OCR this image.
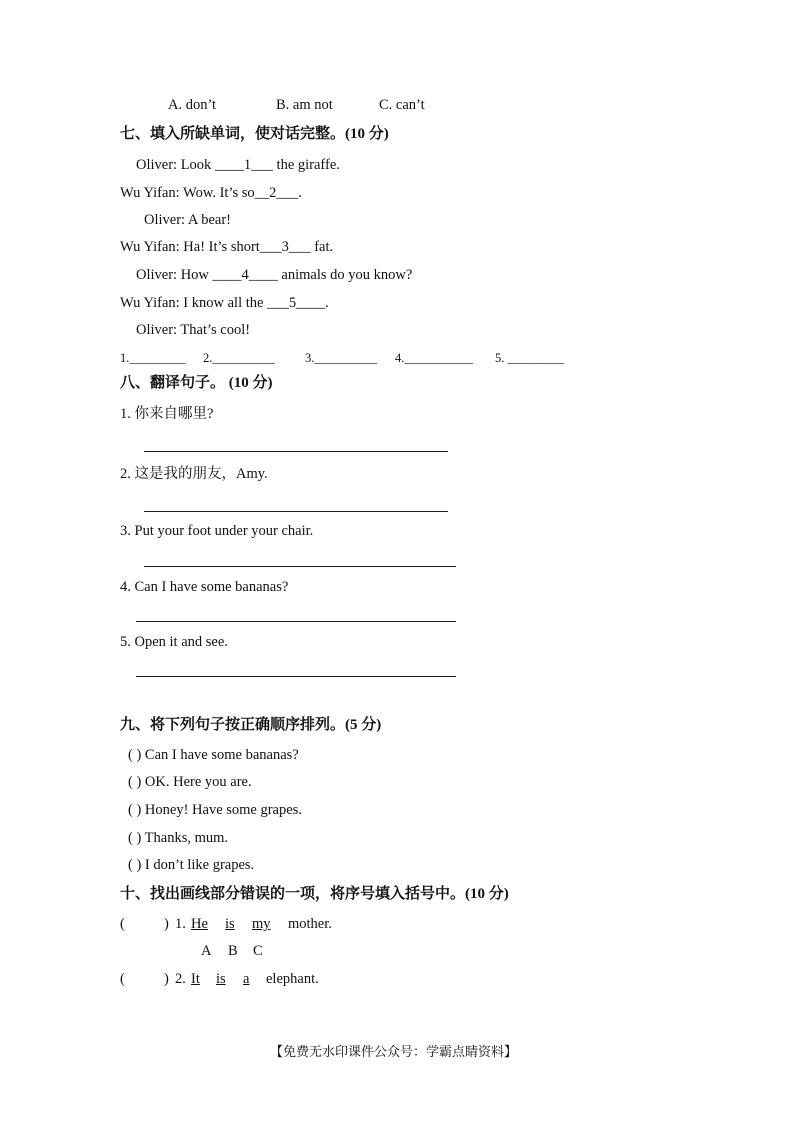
A. don’t	B. am not	C. can’t
七、填入所缺单词，使对话完整。(10 分)
Oliver: Look ____1___ the giraffe.
Wu Yifan: Wow. It’s so__2___.
Oliver: A bear!
Wu Yifan: Ha! It’s short___3___ fat.
Oliver: How ____4____ animals do you know?
Wu Yifan: I know all the ___5____.
Oliver: That’s cool!
1._________ 2.__________ 3.__________ 4.___________ 5. _________
八、翻译句子。 (10 分)
1. 你来自哪里?
2. 这是我的朋友，Amy.
3. Put your foot under your chair.
4. Can I have some bananas?
5. Open it and see.
九、将下列句子按正确顺序排列。(5 分)
( ) Can I have some bananas?
( ) OK. Here you are.
( ) Honey! Have some grapes.
( ) Thanks, mum.
( ) I don’t like grapes.
十、找出画线部分错误的一项，将序号填入括号中。(10 分)
(	) 1. He is my mother.
A B C
(	) 2. It is a elephant.
【免费无水印课件公众号：学霸点睛资料】
